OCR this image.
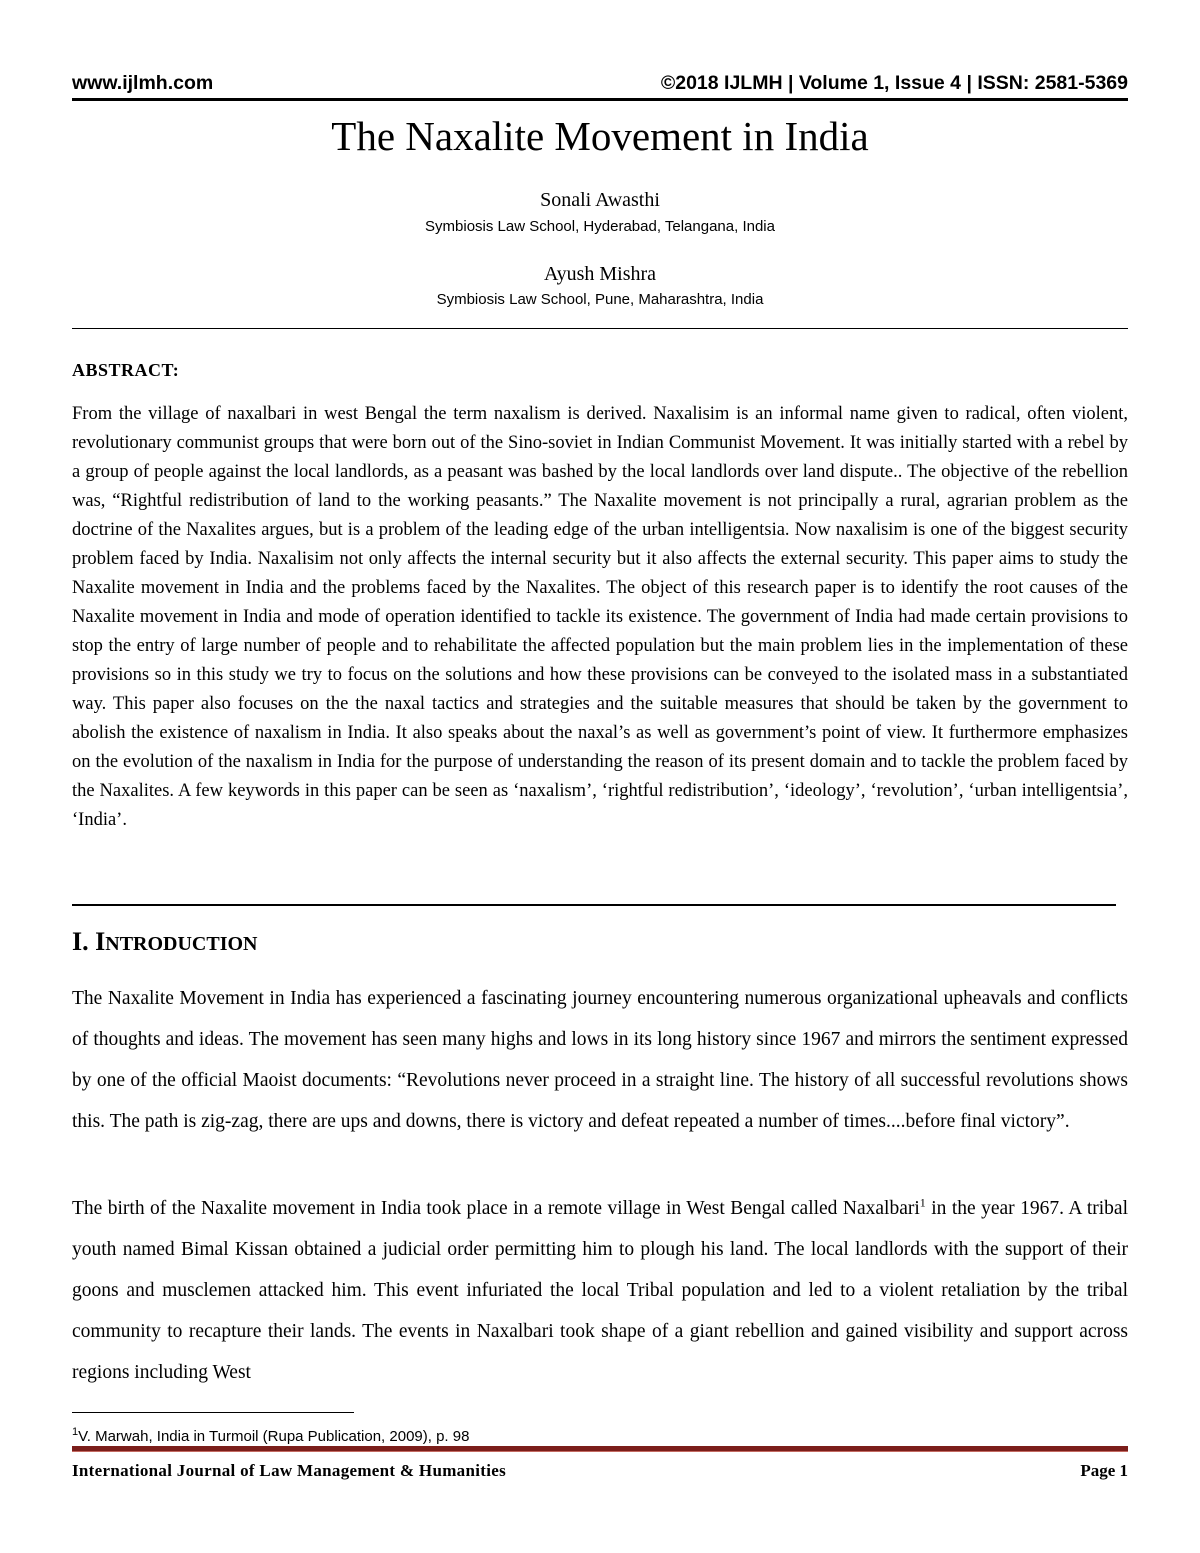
www.ijlmh.com	©2018 IJLMH | Volume 1, Issue 4 | ISSN: 2581-5369
The Naxalite Movement in India
Sonali Awasthi
Symbiosis Law School, Hyderabad, Telangana, India
Ayush Mishra
Symbiosis Law School, Pune, Maharashtra, India
ABSTRACT:

From the village of naxalbari in west Bengal the term naxalism is derived. Naxalisim is an informal name given to radical, often violent, revolutionary communist groups that were born out of the Sino-soviet in Indian Communist Movement. It was initially started with a rebel by a group of people against the local landlords, as a peasant was bashed by the local landlords over land dispute.. The objective of the rebellion was, “Rightful redistribution of land to the working peasants.” The Naxalite movement is not principally a rural, agrarian problem as the doctrine of the Naxalites argues, but is a problem of the leading edge of the urban intelligentsia. Now naxalisim is one of the biggest security problem faced by India. Naxalisim not only affects the internal security but it also affects the external security. This paper aims to study the Naxalite movement in India and the problems faced by the Naxalites. The object of this research paper is to identify the root causes of the Naxalite movement in India and mode of operation identified to tackle its existence. The government of India had made certain provisions to stop the entry of large number of people and to rehabilitate the affected population but the main problem lies in the implementation of these provisions so in this study we try to focus on the solutions and how these provisions can be conveyed to the isolated mass in a substantiated way. This paper also focuses on the the naxal tactics and strategies and the suitable measures that should be taken by the government to abolish the existence of naxalism in India. It also speaks about the naxal’s as well as government’s point of view. It furthermore emphasizes on the evolution of the naxalism in India for the purpose of understanding the reason of its present domain and to tackle the problem faced by the Naxalites. A few keywords in this paper can be seen as ‘naxalism’, ‘rightful redistribution’, ‘ideology’, ‘revolution’, ‘urban intelligentsia’, ‘India’.

I. INTRODUCTION

The Naxalite Movement in India has experienced a fascinating journey encountering numerous organizational upheavals and conflicts of thoughts and ideas. The movement has seen many highs and lows in its long history since 1967 and mirrors the sentiment expressed by one of the official Maoist documents: “Revolutions never proceed in a straight line. The history of all successful revolutions shows this. The path is zig-zag, there are ups and downs, there is victory and defeat repeated a number of times....before final victory”.

The birth of the Naxalite movement in India took place in a remote village in West Bengal called Naxalbari$^1$ in the year 1967. A tribal youth named Bimal Kissan obtained a judicial order permitting him to plough his land. The local landlords with the support of their goons and musclemen attacked him. This event infuriated the local Tribal population and led to a violent retaliation by the tribal community to recapture their lands. The events in Naxalbari took shape of a giant rebellion and gained visibility and support across regions including West

$^1$V. Marwah, India in Turmoil (Rupa Publication, 2009), p. 98
International Journal of Law Management & Humanities	Page 1
